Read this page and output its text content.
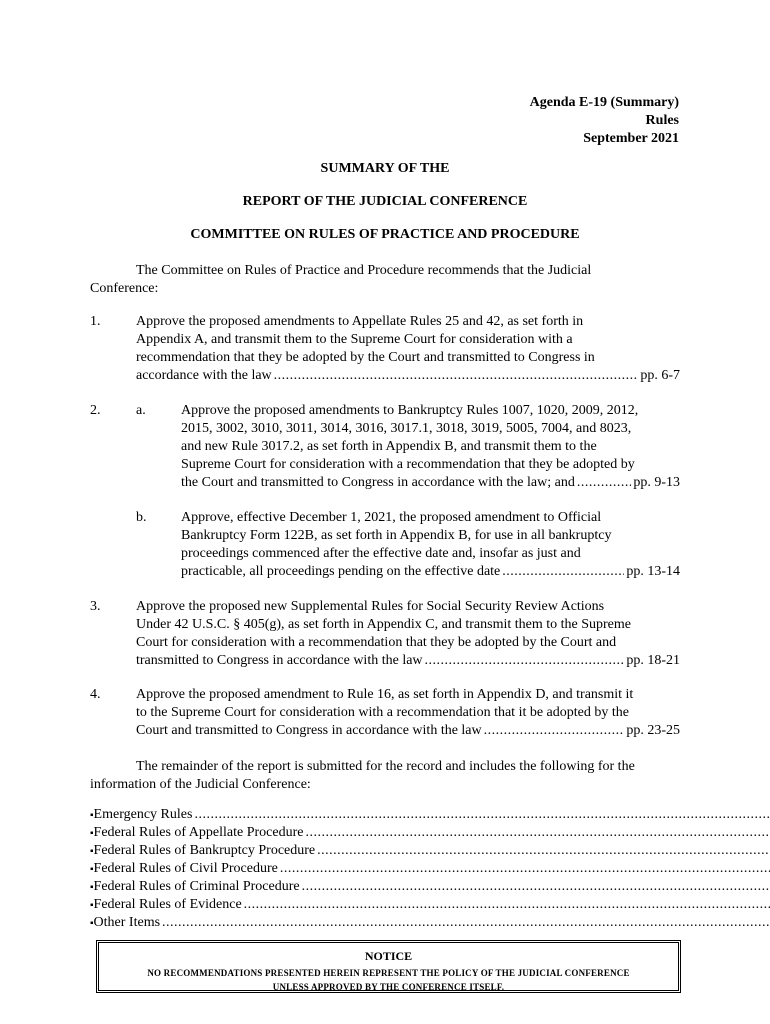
Agenda E-19 (Summary)
Rules
September 2021
SUMMARY OF THE
REPORT OF THE JUDICIAL CONFERENCE
COMMITTEE ON RULES OF PRACTICE AND PROCEDURE
The Committee on Rules of Practice and Procedure recommends that the Judicial
Conference:
1.	Approve the proposed amendments to Appellate Rules 25 and 42, as set forth in
Appendix A, and transmit them to the Supreme Court for consideration with a
recommendation that they be adopted by the Court and transmitted to Congress in
accordance with the law .....	pp. 6-7
2.	a.	Approve the proposed amendments to Bankruptcy Rules 1007, 1020, 2009, 2012,
2015, 3002, 3010, 3011, 3014, 3016, 3017.1, 3018, 3019, 5005, 7004, and 8023,
and new Rule 3017.2, as set forth in Appendix B, and transmit them to the
Supreme Court for consideration with a recommendation that they be adopted by
the Court and transmitted to Congress in accordance with the law; and .....	pp. 9-13
b. Approve, effective December 1, 2021, the proposed amendment to Official
Bankruptcy Form 122B, as set forth in Appendix B, for use in all bankruptcy
proceedings commenced after the effective date and, insofar as just and
practicable, all proceedings pending on the effective date .....	pp. 13-14
3.	Approve the proposed new Supplemental Rules for Social Security Review Actions
Under 42 U.S.C. § 405(g), as set forth in Appendix C, and transmit them to the Supreme
Court for consideration with a recommendation that they be adopted by the Court and
transmitted to Congress in accordance with the law .....	pp. 18-21
4.	Approve the proposed amendment to Rule 16, as set forth in Appendix D, and transmit it
to the Supreme Court for consideration with a recommendation that it be adopted by the
Court and transmitted to Congress in accordance with the law .....	pp. 23-25
The remainder of the report is submitted for the record and includes the following for the
information of the Judicial Conference:
▪ Emergency Rules
.....
▪ Federal Rules of Appellate Procedure
.....
▪ Federal Rules of Bankruptcy Procedure
.....
▪ Federal Rules of Civil Procedure
.....
▪ Federal Rules of Criminal Procedure
.....
▪ Federal Rules of Evidence
.....
▪ Other Items
.....
NOTICE
NO RECOMMENDATIONS PRESENTED HEREIN REPRESENT THE POLICY OF THE JUDICIAL CONFERENCE
UNLESS APPROVED BY THE CONFERENCE ITSELF.
